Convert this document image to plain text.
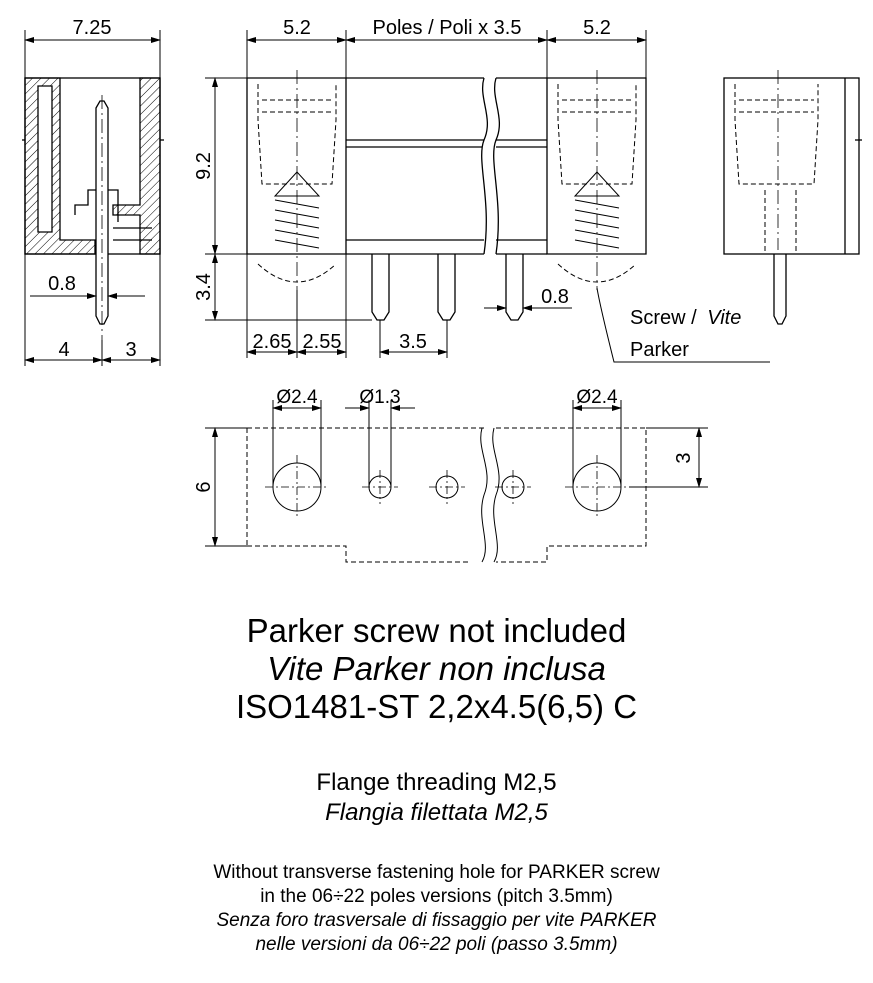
7.25
0.8
4	3
5.2	Poles / Poli x 3.5	5.2
9.2
3.4
2.65 2.55	3.5
0.8
Screw / Vite
Parker
Ø2.4 Ø1.3	Ø2.4
6
3
Parker screw not included
Vite Parker non inclusa
ISO1481-ST 2,2x4.5(6,5) C
Flange threading M2,5
Flangia filettata M2,5
Without transverse fastening hole for PARKER screw
in the 06÷22 poles versions (pitch 3.5mm)
Senza foro trasversale di fissaggio per vite PARKER
nelle versioni da 06÷22 poli (passo 3.5mm)
